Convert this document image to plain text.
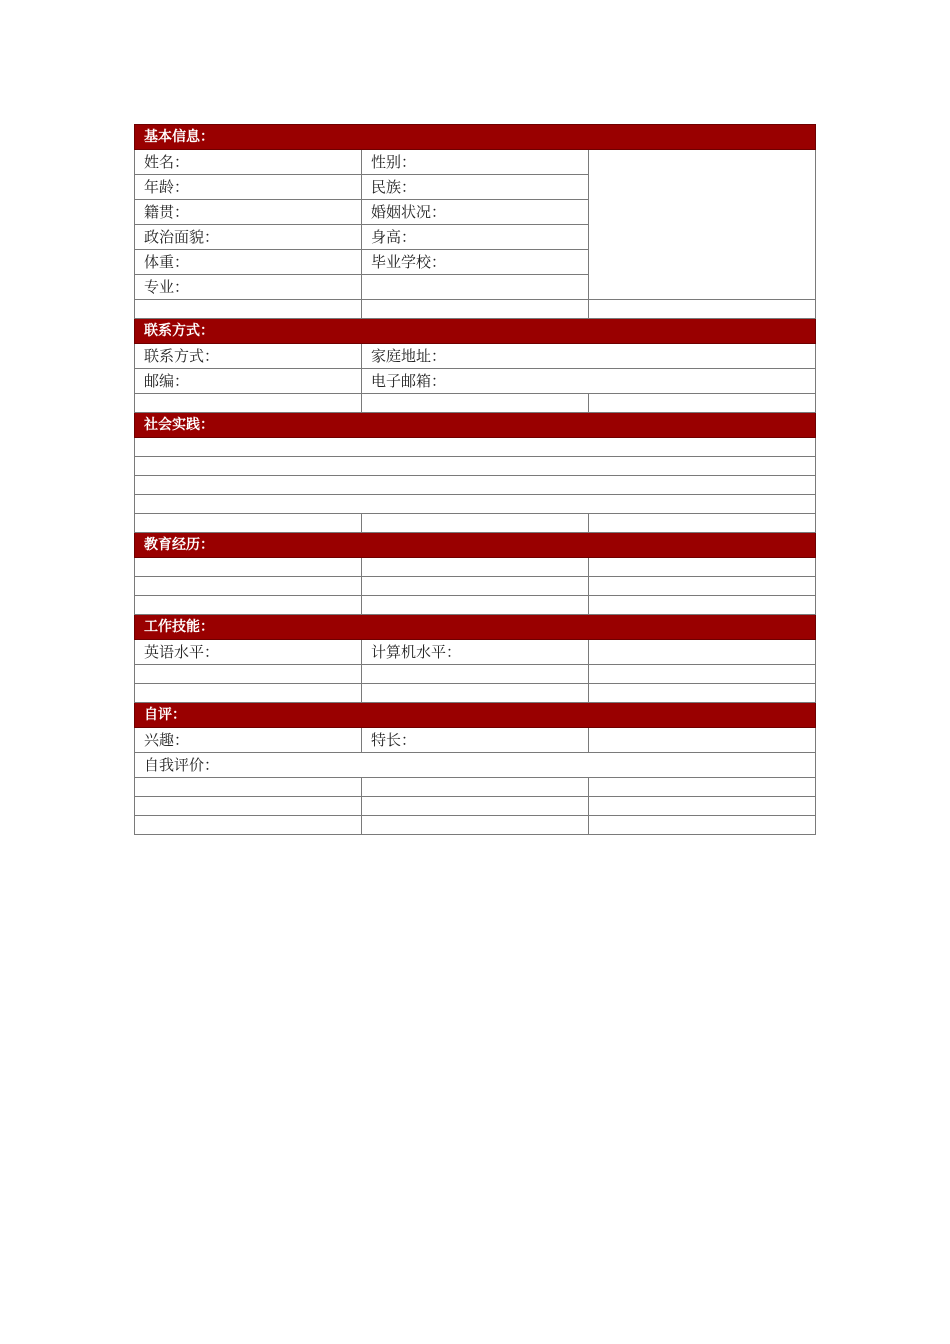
基本信息：		
姓名：	性别：	
年龄：	民族：	
籍贯：	婚姻状况：	
政治面貌：	身高：	
体重：	毕业学校：	
专业：		

联系方式：		
联系方式：	家庭地址：	
邮编：	电子邮箱：	

社会实践：		

教育经历：		

工作技能：		
英语水平：	计算机水平：	

自评：		
兴趣：	特长：	
自我评价：		
